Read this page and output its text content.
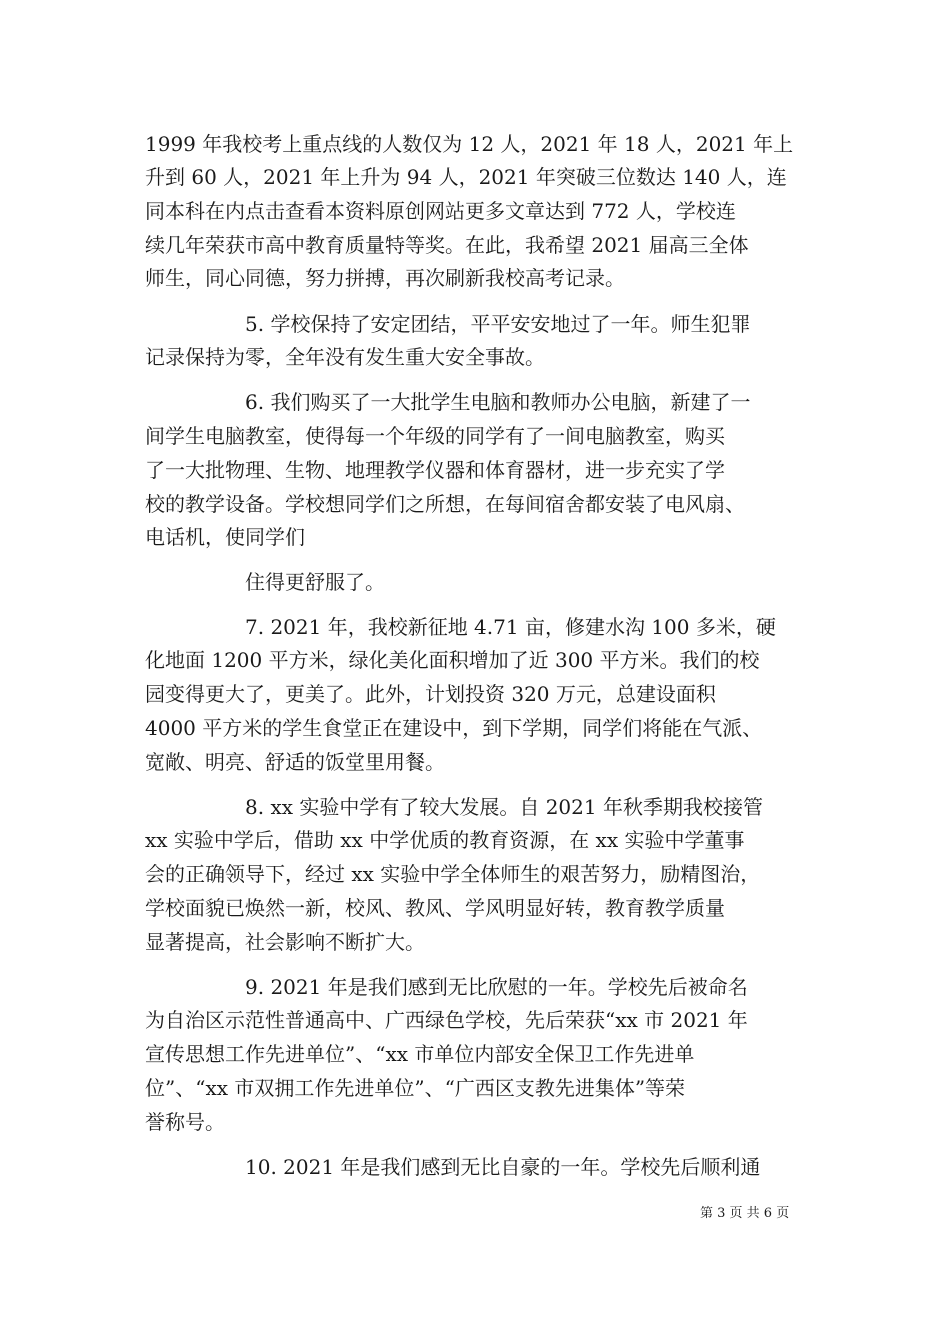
1999 年我校考上重点线的人数仅为 12 人，2021 年 18 人，2021 年上
升到 60 人，2021 年上升为 94 人，2021 年突破三位数达 140 人，连
同本科在内点击查看本资料原创网站更多文章达到 772 人，学校连
续几年荣获市高中教育质量特等奖。在此，我希望 2021 届高三全体
师生，同心同德，努力拼搏，再次刷新我校高考记录。
5. 学校保持了安定团结，平平安安地过了一年。师生犯罪
记录保持为零，全年没有发生重大安全事故。
6. 我们购买了一大批学生电脑和教师办公电脑，新建了一
间学生电脑教室，使得每一个年级的同学有了一间电脑教室，购买
了一大批物理、生物、地理教学仪器和体育器材，进一步充实了学
校的教学设备。学校想同学们之所想，在每间宿舍都安装了电风扇、
电话机，使同学们
住得更舒服了。
7. 2021 年，我校新征地 4.71 亩，修建水沟 100 多米，硬
化地面 1200 平方米，绿化美化面积增加了近 300 平方米。我们的校
园变得更大了，更美了。此外，计划投资 320 万元，总建设面积
4000 平方米的学生食堂正在建设中，到下学期，同学们将能在气派、
宽敞、明亮、舒适的饭堂里用餐。
8. xx 实验中学有了较大发展。自 2021 年秋季期我校接管
xx 实验中学后，借助 xx 中学优质的教育资源，在 xx 实验中学董事
会的正确领导下，经过 xx 实验中学全体师生的艰苦努力，励精图治，
学校面貌已焕然一新，校风、教风、学风明显好转，教育教学质量
显著提高，社会影响不断扩大。
9. 2021 年是我们感到无比欣慰的一年。学校先后被命名
为自治区示范性普通高中、广西绿色学校，先后荣获“xx 市 2021 年
宣传思想工作先进单位”、“xx 市单位内部安全保卫工作先进单
位”、“xx 市双拥工作先进单位”、“广西区支教先进集体”等荣
誉称号。
10. 2021 年是我们感到无比自豪的一年。学校先后顺利通
第 3 页 共 6 页
